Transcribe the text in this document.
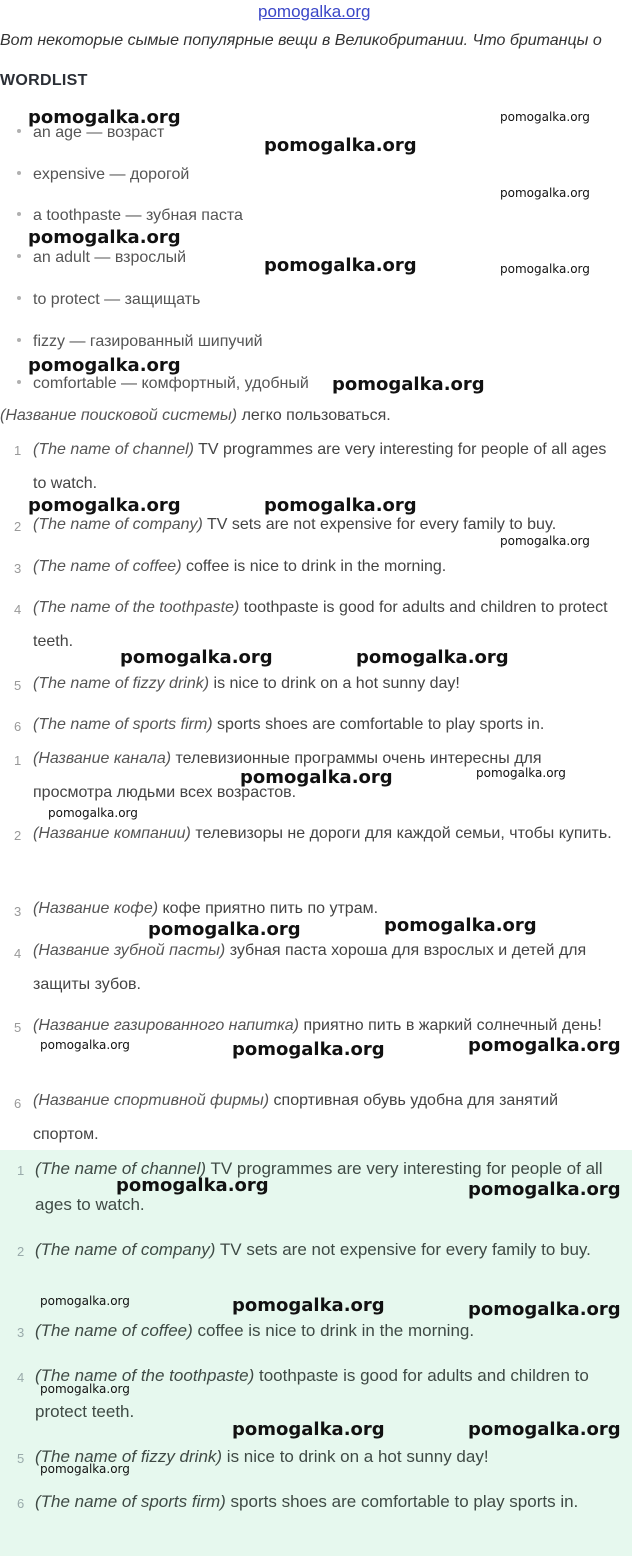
pomogalka.org
Вот некоторые сымые популярные вещи в Великобритании. Что британцы о
WORDLIST
an age — возраст
expensive — дорогой
a toothpaste — зубная паста
an adult — взрослый
to protect — защищать
fizzy — газированный шипучий
comfortable — комфортный, удобный
(Название поисковой системы) легко пользоваться.
1 (The name of channel) TV programmes are very interesting for people of all ages to watch.
2 (The name of company) TV sets are not expensive for every family to buy.
3 (The name of coffee) coffee is nice to drink in the morning.
4 (The name of the toothpaste) toothpaste is good for adults and children to protect teeth.
5 (The name of fizzy drink) is nice to drink on a hot sunny day!
6 (The name of sports firm) sports shoes are comfortable to play sports in.
1 (Название канала) телевизионные программы очень интересны для просмотра людьми всех возрастов.
2 (Название компании) телевизоры не дороги для каждой семьи, чтобы купить.
3 (Название кофе) кофе приятно пить по утрам.
4 (Название зубной пасты) зубная паста хороша для взрослых и детей для защиты зубов.
5 (Название газированного напитка) приятно пить в жаркий солнечный день!
6 (Название спортивной фирмы) спортивная обувь удобна для занятий спортом.
1 (The name of channel) TV programmes are very interesting for people of all ages to watch.
2 (The name of company) TV sets are not expensive for every family to buy.
3 (The name of coffee) coffee is nice to drink in the morning.
4 (The name of the toothpaste) toothpaste is good for adults and children to protect teeth.
5 (The name of fizzy drink) is nice to drink on a hot sunny day!
6 (The name of sports firm) sports shoes are comfortable to play sports in.
pomogalka.org	pomogalka.org
pomogalka.org
pomogalka.org
pomogalka.org
pomogalka.org	pomogalka.org
pomogalka.org
pomogalka.org
pomogalka.org	pomogalka.org
pomogalka.org
pomogalka.org	pomogalka.org
pomogalka.org	pomogalka.org
pomogalka.org
pomogalka.org	pomogalka.org
pomogalka.org	pomogalka.org	pomogalka.org
pomogalka.org	pomogalka.org
pomogalka.org	pomogalka.org	pomogalka.org
pomogalka.org
pomogalka.org	pomogalka.org
pomogalka.org
